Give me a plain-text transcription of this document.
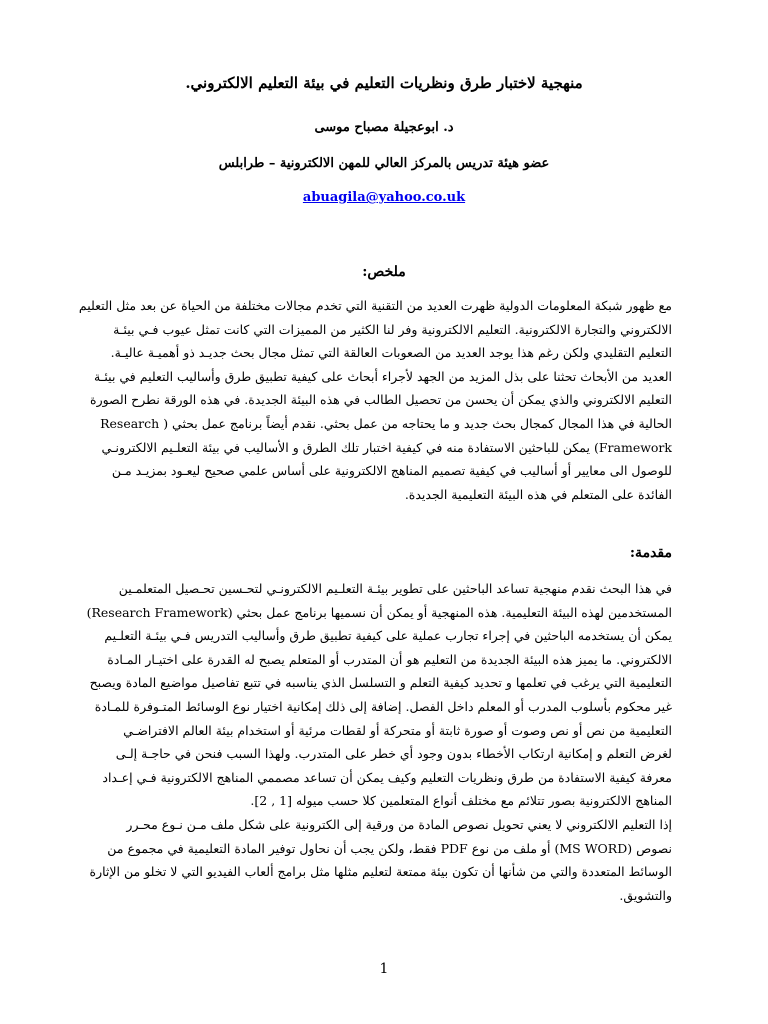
منهجية لاختبار طرق ونظريات التعليم في بيئة التعليم الالكتروني.
د. ابوعجيلة مصباح موسى
عضو هيئة تدريس بالمركز العالي للمهن الالكترونية – طرابلس
abuagila@yahoo.co.uk
ملخص:
مع ظهور شبكة المعلومات الدولية ظهرت العديد من التقنية التي تخدم مجالات مختلفة من الحياة عن بعد مثل التعليم
الالكتروني والتجارة الالكترونية. التعليم الالكترونية وفر لنا الكثير من المميزات التي كانت تمثل عيوب فـي بيئـة
التعليم التقليدي ولكن رغم هذا يوجد العديد من الصعوبات العالقة التي تمثل مجال بحث جديـد ذو أهميـة عاليـة.
العديد من الأبحاث تحثنا على بذل المزيد من الجهد لأجراء أبحاث على كيفية تطبيق طرق وأساليب التعليم في بيئـة
التعليم الالكتروني والذي يمكن أن يحسن من تحصيل الطالب في هذه البيئة الجديدة. في هذه الورقة نطرح الصورة
الحالية في هذا المجال كمجال بحث جديد و ما يحتاجه من عمل بحثي. نقدم أيضاً برنامج عمل بحثي ( Research
Framework) يمكن للباحثين الاستفادة منه في كيفية اختبار تلك الطرق و الأساليب في بيئة التعلـيم الالكترونـي
للوصول الى معايير أو أساليب في كيفية تصميم المناهج الالكترونية على أساس علمي صحيح ليعـود بمزيـد مـن
الفائدة على المتعلم في هذه البيئة التعليمية الجديدة.
مقدمة:
في هذا البحث نقدم منهجية تساعد الباحثين على تطوير بيئـة التعلـيم الالكترونـي لتحـسين تحـصيل المتعلمـين
المستخدمين لهذه البيئة التعليمية. هذه المنهجية أو يمكن أن نسميها برنامج عمل بحثي (Research Framework)
يمكن أن يستخدمه الباحثين في إجراء تجارب عملية على كيفية تطبيق طرق وأساليب التدريس فـي بيئـة التعلـيم
الالكتروني. ما يميز هذه البيئة الجديدة من التعليم هو أن المتدرب أو المتعلم يصبح له القدرة على اختيـار المـادة
التعليمية التي يرغب في تعلمها و تحديد كيفية التعلم و التسلسل الذي يناسبه في تتبع تفاصيل مواضيع المادة ويصبح
غير محكوم بأسلوب المدرب أو المعلم داخل الفصل. إضافة إلى ذلك إمكانية اختيار نوع الوسائط المتـوفرة للمـادة
التعليمية من نص أو نص وصوت أو صورة ثابتة أو متحركة أو لقطات مرئية أو استخدام بيئة العالم الافتراضـي
لغرض التعلم و إمكانية ارتكاب الأخطاء بدون وجود أي خطر على المتدرب. ولهذا السبب فنحن في حاجـة إلـى
معرفة كيفية الاستفادة من طرق ونظريات التعليم وكيف يمكن أن تساعد مصممي المناهج الالكترونية فـي إعـداد
المناهج الالكترونية بصور تتلائم مع مختلف أنواع المتعلمين كلا حسب ميوله [1 , 2].
إذا التعليم الالكتروني لا يعني تحويل نصوص المادة من ورقية إلى الكترونية على شكل ملف مـن نـوع محـرر
نصوص (MS WORD) أو ملف من نوع PDF فقط، ولكن يجب أن نحاول توفير المادة التعليمية في مجموع من
الوسائط المتعددة والتي من شأنها أن تكون بيئة ممتعة لتعليم مثلها مثل برامج ألعاب الفيديو التي لا تخلو من الإثارة
والتشويق.
1
